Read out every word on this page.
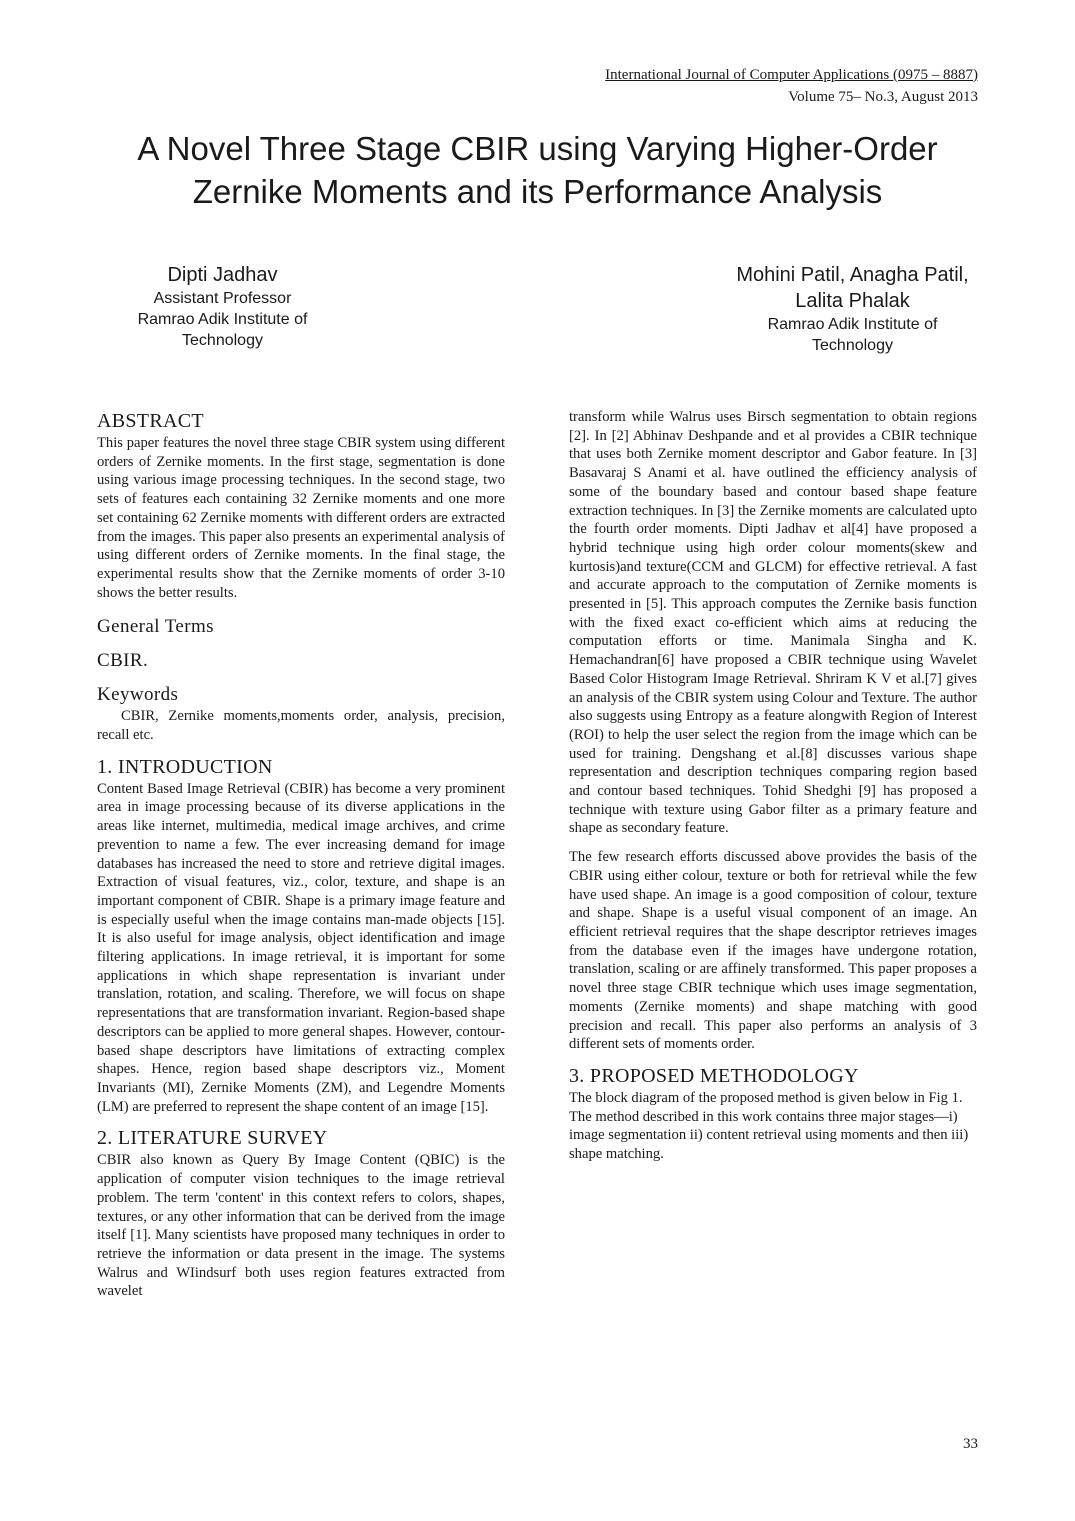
International Journal of Computer Applications (0975 – 8887)
Volume 75– No.3, August 2013
A Novel Three Stage CBIR using Varying Higher-Order
Zernike Moments and its Performance Analysis
Dipti Jadhav
Assistant Professor
Ramrao Adik Institute of
Technology
Mohini Patil, Anagha Patil,
Lalita Phalak
Ramrao Adik Institute of
Technology
ABSTRACT

This paper features the novel three stage CBIR system using different orders of Zernike moments. In the first stage, segmentation is done using various image processing techniques. In the second stage, two sets of features each containing 32 Zernike moments and one more set containing 62 Zernike moments with different orders are extracted from the images. This paper also presents an experimental analysis of using different orders of Zernike moments. In the final stage, the experimental results show that the Zernike moments of order 3-10 shows the better results.

General Terms
CBIR.
Keywords

CBIR, Zernike moments,moments order, analysis, precision, recall etc.

1. INTRODUCTION

Content Based Image Retrieval (CBIR) has become a very prominent area in image processing because of its diverse applications in the areas like internet, multimedia, medical image archives, and crime prevention to name a few. The ever increasing demand for image databases has increased the need to store and retrieve digital images. Extraction of visual features, viz., color, texture, and shape is an important component of CBIR. Shape is a primary image feature and is especially useful when the image contains man-made objects [15]. It is also useful for image analysis, object identification and image filtering applications. In image retrieval, it is important for some applications in which shape representation is invariant under translation, rotation, and scaling. Therefore, we will focus on shape representations that are transformation invariant. Region-based shape descriptors can be applied to more general shapes. However, contour-based shape descriptors have limitations of extracting complex shapes. Hence, region based shape descriptors viz., Moment Invariants (MI), Zernike Moments (ZM), and Legendre Moments (LM) are preferred to represent the shape content of an image [15].

2. LITERATURE SURVEY

CBIR also known as Query By Image Content (QBIC) is the application of computer vision techniques to the image retrieval problem. The term 'content' in this context refers to colors, shapes, textures, or any other information that can be derived from the image itself [1]. Many scientists have proposed many techniques in order to retrieve the information or data present in the image. The systems Walrus and WIindsurf both uses region features extracted from wavelet

transform while Walrus uses Birsch segmentation to obtain regions [2]. In [2] Abhinav Deshpande and et al provides a CBIR technique that uses both Zernike moment descriptor and Gabor feature. In [3] Basavaraj S Anami et al. have outlined the efficiency analysis of some of the boundary based and contour based shape feature extraction techniques. In [3] the Zernike moments are calculated upto the fourth order moments. Dipti Jadhav et al[4] have proposed a hybrid technique using high order colour moments(skew and kurtosis)and texture(CCM and GLCM) for effective retrieval. A fast and accurate approach to the computation of Zernike moments is presented in [5]. This approach computes the Zernike basis function with the fixed exact co-efficient which aims at reducing the computation efforts or time. Manimala Singha and K. Hemachandran[6] have proposed a CBIR technique using Wavelet Based Color Histogram Image Retrieval. Shriram K V et al.[7] gives an analysis of the CBIR system using Colour and Texture. The author also suggests using Entropy as a feature alongwith Region of Interest (ROI) to help the user select the region from the image which can be used for training. Dengshang et al.[8] discusses various shape representation and description techniques comparing region based and contour based techniques. Tohid Shedghi [9] has proposed a technique with texture using Gabor filter as a primary feature and shape as secondary feature.

The few research efforts discussed above provides the basis of the CBIR using either colour, texture or both for retrieval while the few have used shape. An image is a good composition of colour, texture and shape. Shape is a useful visual component of an image. An efficient retrieval requires that the shape descriptor retrieves images from the database even if the images have undergone rotation, translation, scaling or are affinely transformed. This paper proposes a novel three stage CBIR technique which uses image segmentation, moments (Zernike moments) and shape matching with good precision and recall. This paper also performs an analysis of 3 different sets of moments order.

3. PROPOSED METHODOLOGY

The block diagram of the proposed method is given below in Fig 1. The method described in this work contains three major stages—i) image segmentation ii) content retrieval using moments and then iii) shape matching.

33
